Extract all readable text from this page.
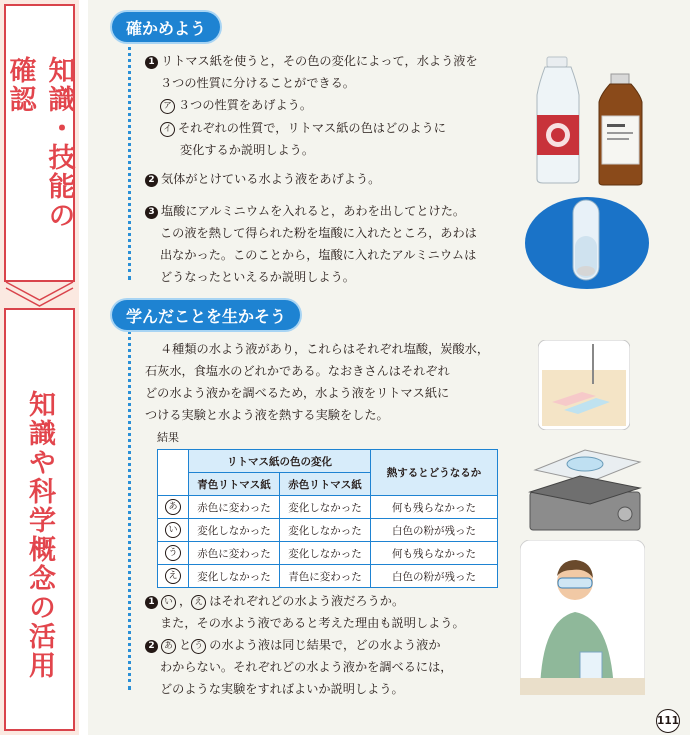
知識・技能の確認
知識や科学概念の活用
確かめよう
1 リトマス紙を使うと，その色の変化によって，水よう液を
３つの性質に分けることができる。
ア ３つの性質をあげよう。
イ それぞれの性質で，リトマス紙の色はどのように
変化するか説明しよう。
2 気体がとけている水よう液をあげよう。
3 塩酸にアルミニウムを入れると，あわを出してとけた。
この液を熱して得られた粉を塩酸に入れたところ，あわは
出なかった。このことから，塩酸に入れたアルミニウムは
どうなったといえるか説明しよう。
学んだことを生かそう
４種類の水よう液があり，これらはそれぞれ塩酸，炭酸水，
石灰水，食塩水のどれかである。なおきさんはそれぞれ
どの水よう液かを調べるため，水よう液をリトマス紙に
つける実験と水よう液を熱する実験をした。
結果
	リトマス紙の色の変化		熱するとどうなるか
	青色リトマス紙	赤色リトマス紙	
あ	赤色に変わった	変化しなかった	何も残らなかった
い	変化しなかった	変化しなかった	白色の粉が残った
う	赤色に変わった	変化しなかった	何も残らなかった
え	変化しなかった	青色に変わった	白色の粉が残った
1 い ， え はそれぞれどの水よう液だろうか。
また，その水よう液であると考えた理由も説明しよう。
2 あ と う の水よう液は同じ結果で，どの水よう液か
わからない。それぞれどの水よう液かを調べるには，
どのような実験をすればよいか説明しよう。
111
